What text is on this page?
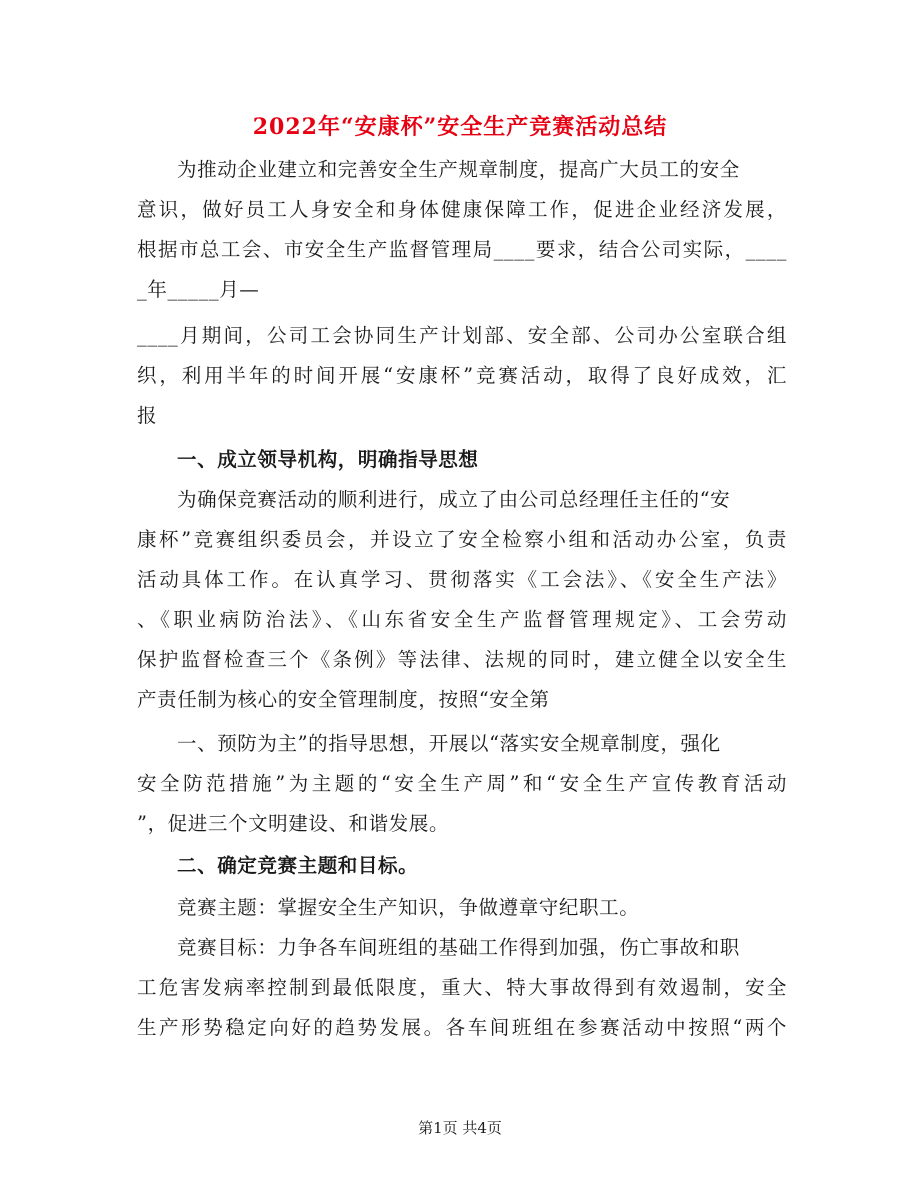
2022年“安康杯”安全生产竞赛活动总结
为推动企业建立和完善安全生产规章制度，提高广大员工的安全
意识，做好员工人身安全和身体健康保障工作，促进企业经济发展，
根据市总工会、市安全生产监督管理局____要求，结合公司实际，____
_年_____月—
____月期间，公司工会协同生产计划部、安全部、公司办公室联合组
织，利用半年的时间开展“安康杯”竞赛活动，取得了良好成效，汇
报
一、成立领导机构，明确指导思想
为确保竞赛活动的顺利进行，成立了由公司总经理任主任的“安
康杯”竞赛组织委员会，并设立了安全检察小组和活动办公室，负责
活动具体工作。在认真学习、贯彻落实《工会法》、《安全生产法》
、《职业病防治法》、《山东省安全生产监督管理规定》、工会劳动
保护监督检查三个《条例》等法律、法规的同时，建立健全以安全生
产责任制为核心的安全管理制度，按照“安全第
一、预防为主”的指导思想，开展以“落实安全规章制度，强化
安全防范措施”为主题的“安全生产周”和“安全生产宣传教育活动
”，促进三个文明建设、和谐发展。
二、确定竞赛主题和目标。
竞赛主题：掌握安全生产知识，争做遵章守纪职工。
竞赛目标：力争各车间班组的基础工作得到加强，伤亡事故和职
工危害发病率控制到最低限度，重大、特大事故得到有效遏制，安全
生产形势稳定向好的趋势发展。各车间班组在参赛活动中按照“两个
第1页 共4页
